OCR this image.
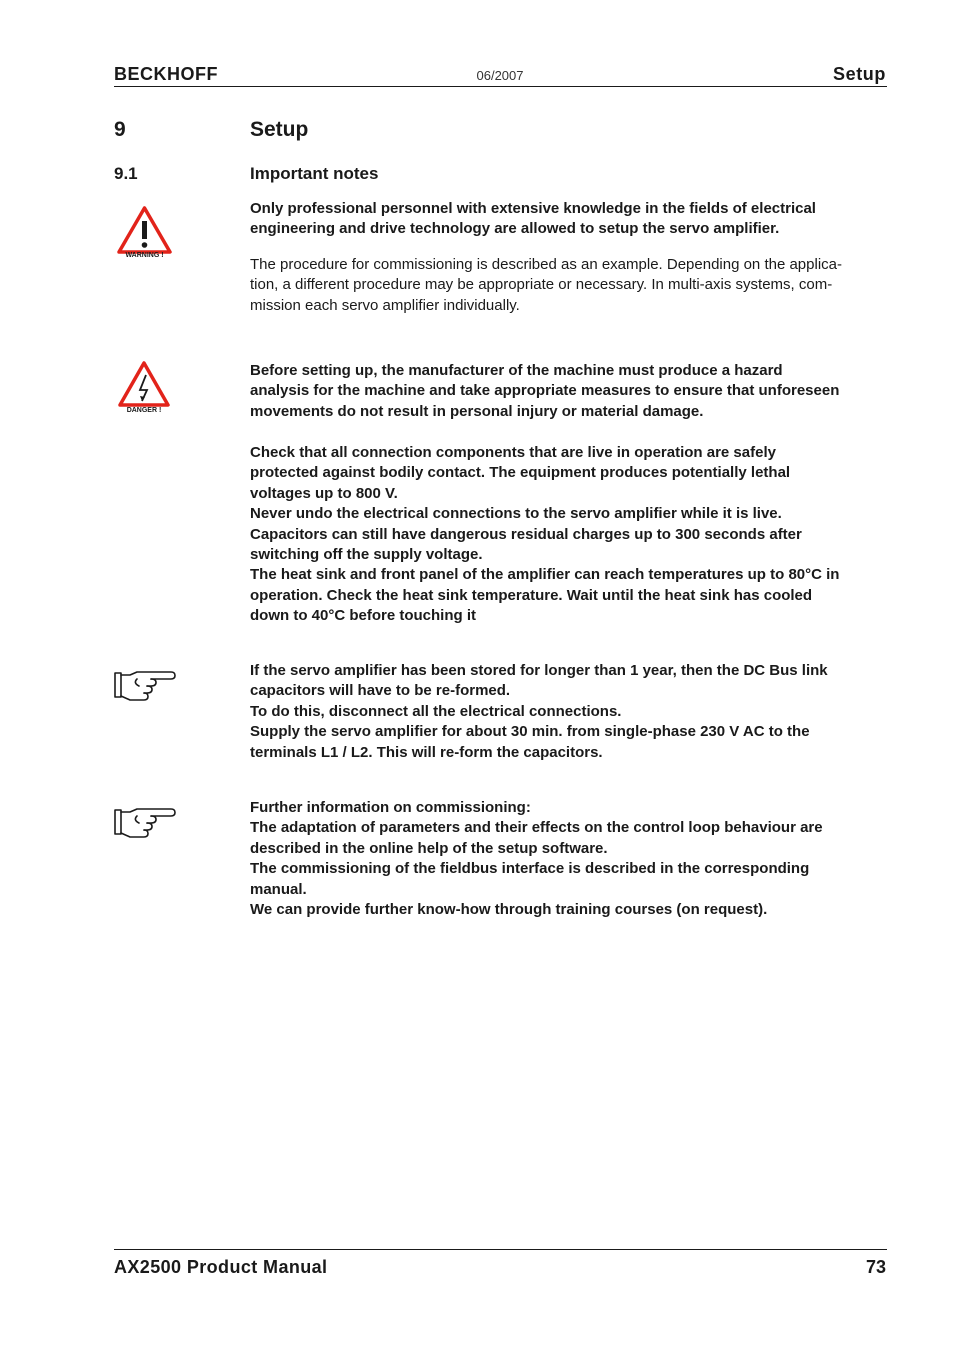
BECKHOFF	06/2007	Setup
9	Setup
9.1	Important notes
WARNING !
Only professional personnel with extensive knowledge in the fields of electrical
engineering and drive technology are allowed to setup the servo amplifier.
The procedure for commissioning is described as an example. Depending on the applica-
tion, a different procedure may be appropriate or necessary. In multi-axis systems, com-
mission each servo amplifier individually.
DANGER !
Before setting up, the manufacturer of the machine must produce a hazard
analysis for the machine and take appropriate measures to ensure that unforeseen
movements do not result in personal injury or material damage.
Check that all connection components that are live in operation are safely
protected against bodily contact. The equipment produces potentially lethal
voltages up to 800 V.
Never undo the electrical connections to the servo amplifier while it is live.
Capacitors can still have dangerous residual charges up to 300 seconds after
switching off the supply voltage.
The heat sink and front panel of the amplifier can reach temperatures up to 80°C in
operation. Check the heat sink temperature. Wait until the heat sink has cooled
down to 40°C before touching it
If the servo amplifier has been stored for longer than 1 year, then the DC Bus link
capacitors will have to be re-formed.
To do this, disconnect all the electrical connections.
Supply the servo amplifier for about 30 min. from single-phase 230 V AC to the
terminals L1 / L2. This will re-form the capacitors.
Further information on commissioning:
The adaptation of parameters and their effects on the control loop behaviour are
described in the online help of the setup software.
The commissioning of the fieldbus interface is described in the corresponding
manual.
We can provide further know-how through training courses (on request).
AX2500 Product Manual	73
